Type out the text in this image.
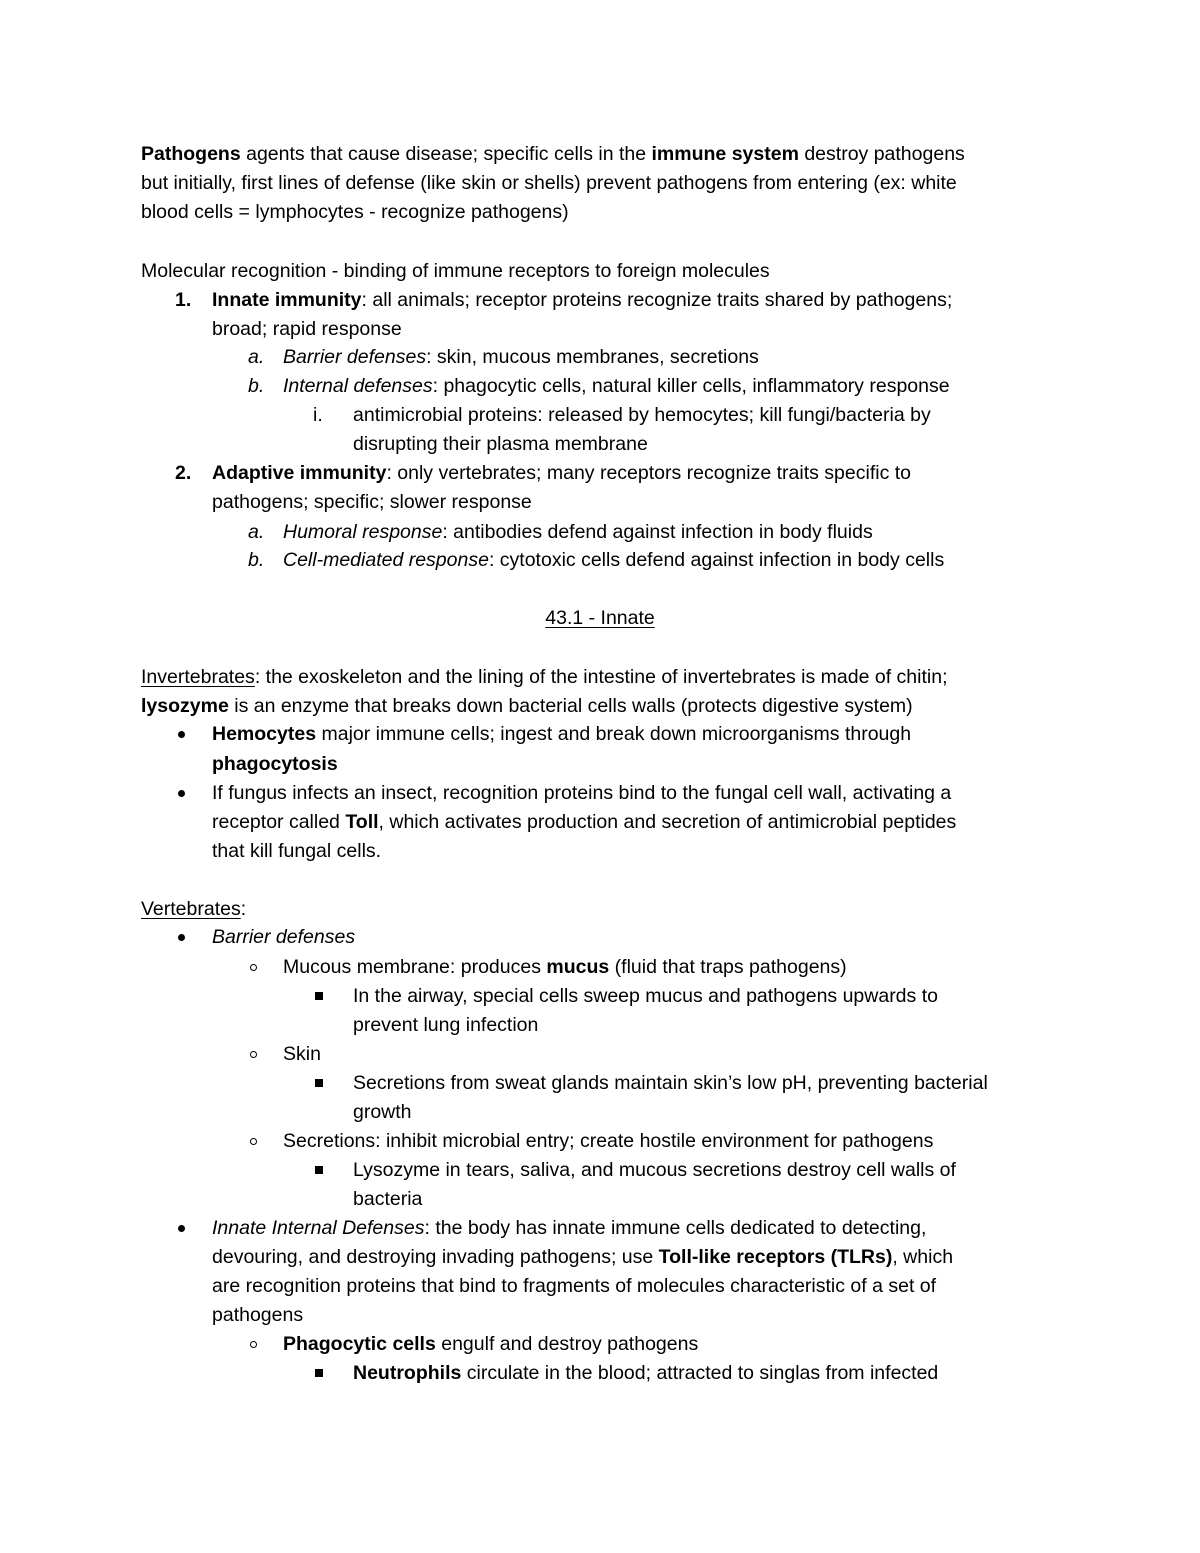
Pathogens agents that cause disease; specific cells in the immune system destroy pathogens
but initially, first lines of defense (like skin or shells) prevent pathogens from entering (ex: white
blood cells = lymphocytes - recognize pathogens)
Molecular recognition - binding of immune receptors to foreign molecules
1. Innate immunity: all animals; receptor proteins recognize traits shared by pathogens;
broad; rapid response
a. Barrier defenses: skin, mucous membranes, secretions
b. Internal defenses: phagocytic cells, natural killer cells, inflammatory response
i. antimicrobial proteins: released by hemocytes; kill fungi/bacteria by
disrupting their plasma membrane
2. Adaptive immunity: only vertebrates; many receptors recognize traits specific to
pathogens; specific; slower response
a. Humoral response: antibodies defend against infection in body fluids
b. Cell-mediated response: cytotoxic cells defend against infection in body cells
43.1 - Innate
Invertebrates: the exoskeleton and the lining of the intestine of invertebrates is made of chitin;
lysozyme is an enzyme that breaks down bacterial cells walls (protects digestive system)
Hemocytes major immune cells; ingest and break down microorganisms through
phagocytosis
If fungus infects an insect, recognition proteins bind to the fungal cell wall, activating a
receptor called Toll, which activates production and secretion of antimicrobial peptides
that kill fungal cells.
Vertebrates:
Barrier defenses
Mucous membrane: produces mucus (fluid that traps pathogens)
In the airway, special cells sweep mucus and pathogens upwards to
prevent lung infection
Skin
Secretions from sweat glands maintain skin’s low pH, preventing bacterial
growth
Secretions: inhibit microbial entry; create hostile environment for pathogens
Lysozyme in tears, saliva, and mucous secretions destroy cell walls of
bacteria
Innate Internal Defenses: the body has innate immune cells dedicated to detecting,
devouring, and destroying invading pathogens; use Toll-like receptors (TLRs), which
are recognition proteins that bind to fragments of molecules characteristic of a set of
pathogens
Phagocytic cells engulf and destroy pathogens
Neutrophils circulate in the blood; attracted to singlas from infected
